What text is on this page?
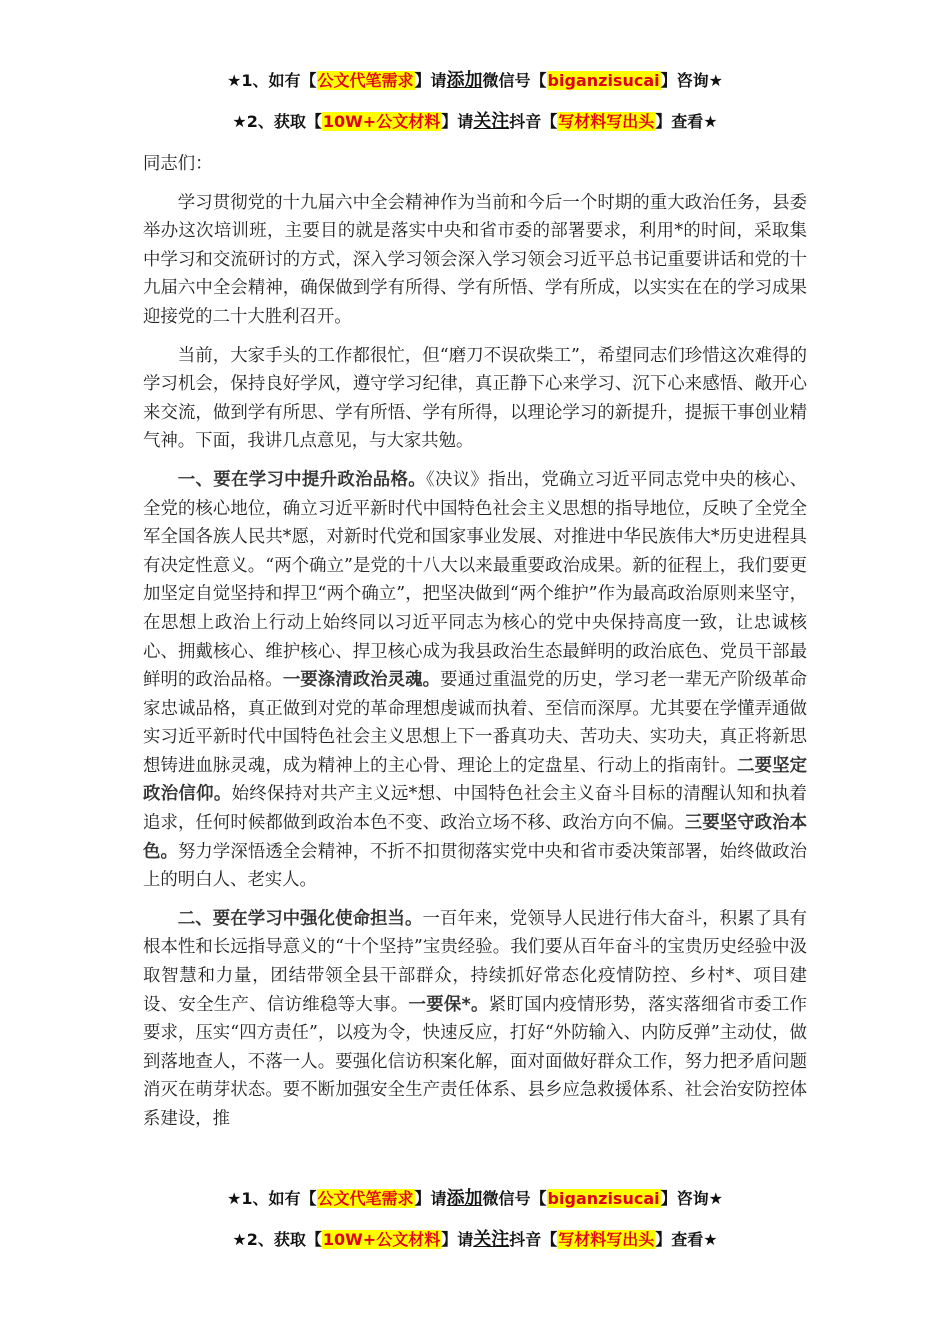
★1、如有【公文代笔需求】请添加微信号【biganzisucai】咨询★
★2、获取【10W+公文材料】请关注抖音【写材料写出头】查看★

同志们：

学习贯彻党的十九届六中全会精神作为当前和今后一个时期的重大政治任务，县委举办这次培训班，主要目的就是落实中央和省市委的部署要求，利用*的时间，采取集中学习和交流研讨的方式，深入学习领会深入学习领会习近平总书记重要讲话和党的十九届六中全会精神，确保做到学有所得、学有所悟、学有所成，以实实在在的学习成果迎接党的二十大胜利召开。

当前，大家手头的工作都很忙，但“磨刀不误砍柴工”，希望同志们珍惜这次难得的学习机会，保持良好学风，遵守学习纪律，真正静下心来学习、沉下心来感悟、敞开心来交流，做到学有所思、学有所悟、学有所得，以理论学习的新提升，提振干事创业精气神。下面，我讲几点意见，与大家共勉。

一、要在学习中提升政治品格。《决议》指出，党确立习近平同志党中央的核心、全党的核心地位，确立习近平新时代中国特色社会主义思想的指导地位，反映了全党全军全国各族人民共*愿，对新时代党和国家事业发展、对推进中华民族伟大*历史进程具有决定性意义。“两个确立”是党的十八大以来最重要政治成果。新的征程上，我们要更加坚定自觉坚持和捍卫“两个确立”，把坚决做到“两个维护”作为最高政治原则来坚守，在思想上政治上行动上始终同以习近平同志为核心的党中央保持高度一致，让忠诚核心、拥戴核心、维护核心、捍卫核心成为我县政治生态最鲜明的政治底色、党员干部最鲜明的政治品格。一要涤清政治灵魂。要通过重温党的历史，学习老一辈无产阶级革命家忠诚品格，真正做到对党的革命理想虔诚而执着、至信而深厚。尤其要在学懂弄通做实习近平新时代中国特色社会主义思想上下一番真功夫、苦功夫、实功夫，真正将新思想铸进血脉灵魂，成为精神上的主心骨、理论上的定盘星、行动上的指南针。二要坚定政治信仰。始终保持对共产主义远*想、中国特色社会主义奋斗目标的清醒认知和执着追求，任何时候都做到政治本色不变、政治立场不移、政治方向不偏。三要坚守政治本色。努力学深悟透全会精神，不折不扣贯彻落实党中央和省市委决策部署，始终做政治上的明白人、老实人。

二、要在学习中强化使命担当。一百年来，党领导人民进行伟大奋斗，积累了具有根本性和长远指导意义的“十个坚持”宝贵经验。我们要从百年奋斗的宝贵历史经验中汲取智慧和力量，团结带领全县干部群众，持续抓好常态化疫情防控、乡村*、项目建设、安全生产、信访维稳等大事。一要保*。紧盯国内疫情形势，落实落细省市委工作要求，压实“四方责任”，以疫为令，快速反应，打好“外防输入、内防反弹”主动仗，做到落地查人，不落一人。要强化信访积案化解，面对面做好群众工作，努力把矛盾问题消灭在萌芽状态。要不断加强安全生产责任体系、县乡应急救援体系、社会治安防控体系建设，推

★1、如有【公文代笔需求】请添加微信号【biganzisucai】咨询★
★2、获取【10W+公文材料】请关注抖音【写材料写出头】查看★
